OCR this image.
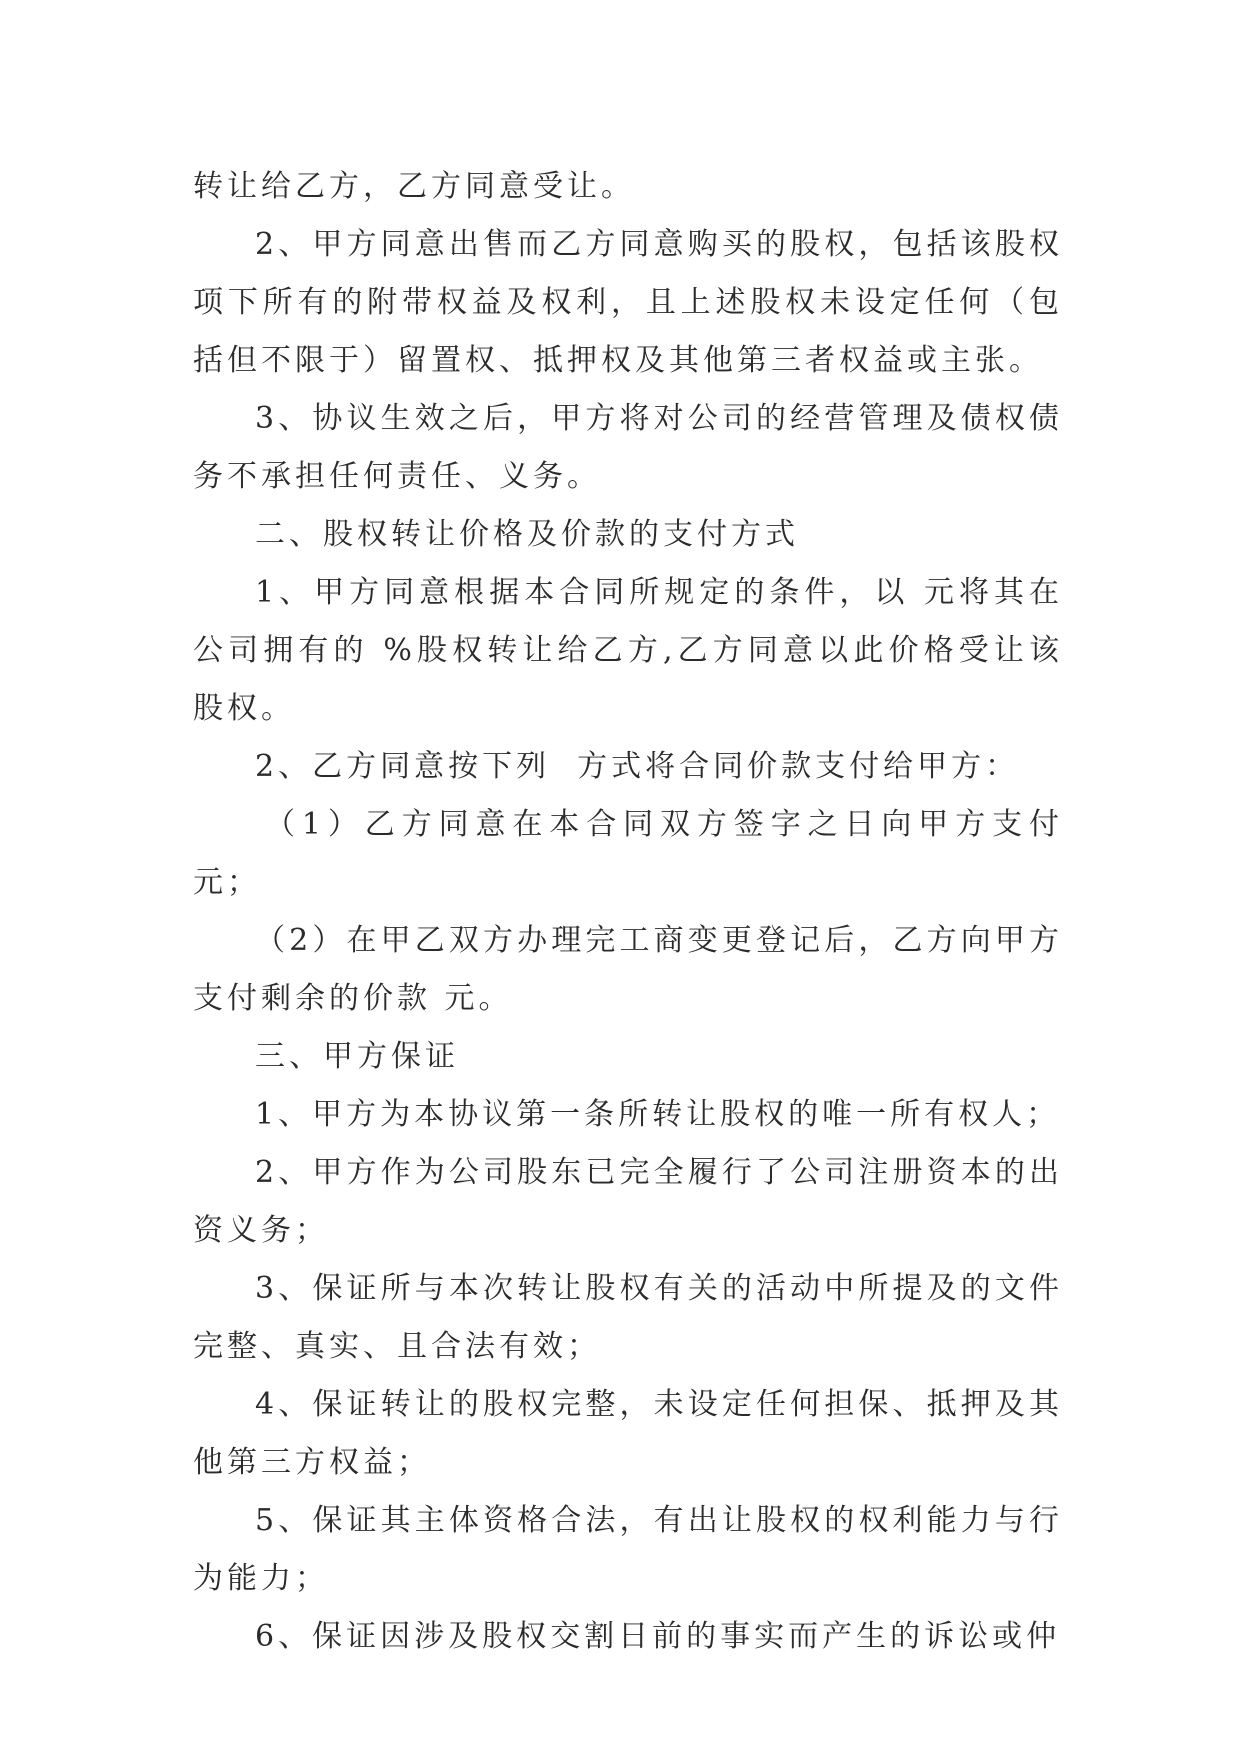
转让给乙方，乙方同意受让。

2、甲方同意出售而乙方同意购买的股权，包括该股权项下所有的附带权益及权利，且上述股权未设定任何（包括但不限于）留置权、抵押权及其他第三者权益或主张。

3、协议生效之后，甲方将对公司的经营管理及债权债务不承担任何责任、义务。

二、股权转让价格及价款的支付方式

1、甲方同意根据本合同所规定的条件，以 元将其在公司拥有的 %股权转让给乙方,乙方同意以此价格受让该股权。

2、乙方同意按下列  方式将合同价款支付给甲方：

（1）乙方同意在本合同双方签字之日向甲方支付 元；

（2）在甲乙双方办理完工商变更登记后，乙方向甲方支付剩余的价款 元。

三、甲方保证

1、甲方为本协议第一条所转让股权的唯一所有权人；

2、甲方作为公司股东已完全履行了公司注册资本的出资义务；

3、保证所与本次转让股权有关的活动中所提及的文件完整、真实、且合法有效；

4、保证转让的股权完整，未设定任何担保、抵押及其他第三方权益；

5、保证其主体资格合法，有出让股权的权利能力与行为能力；

6、保证因涉及股权交割日前的事实而产生的诉讼或仲
